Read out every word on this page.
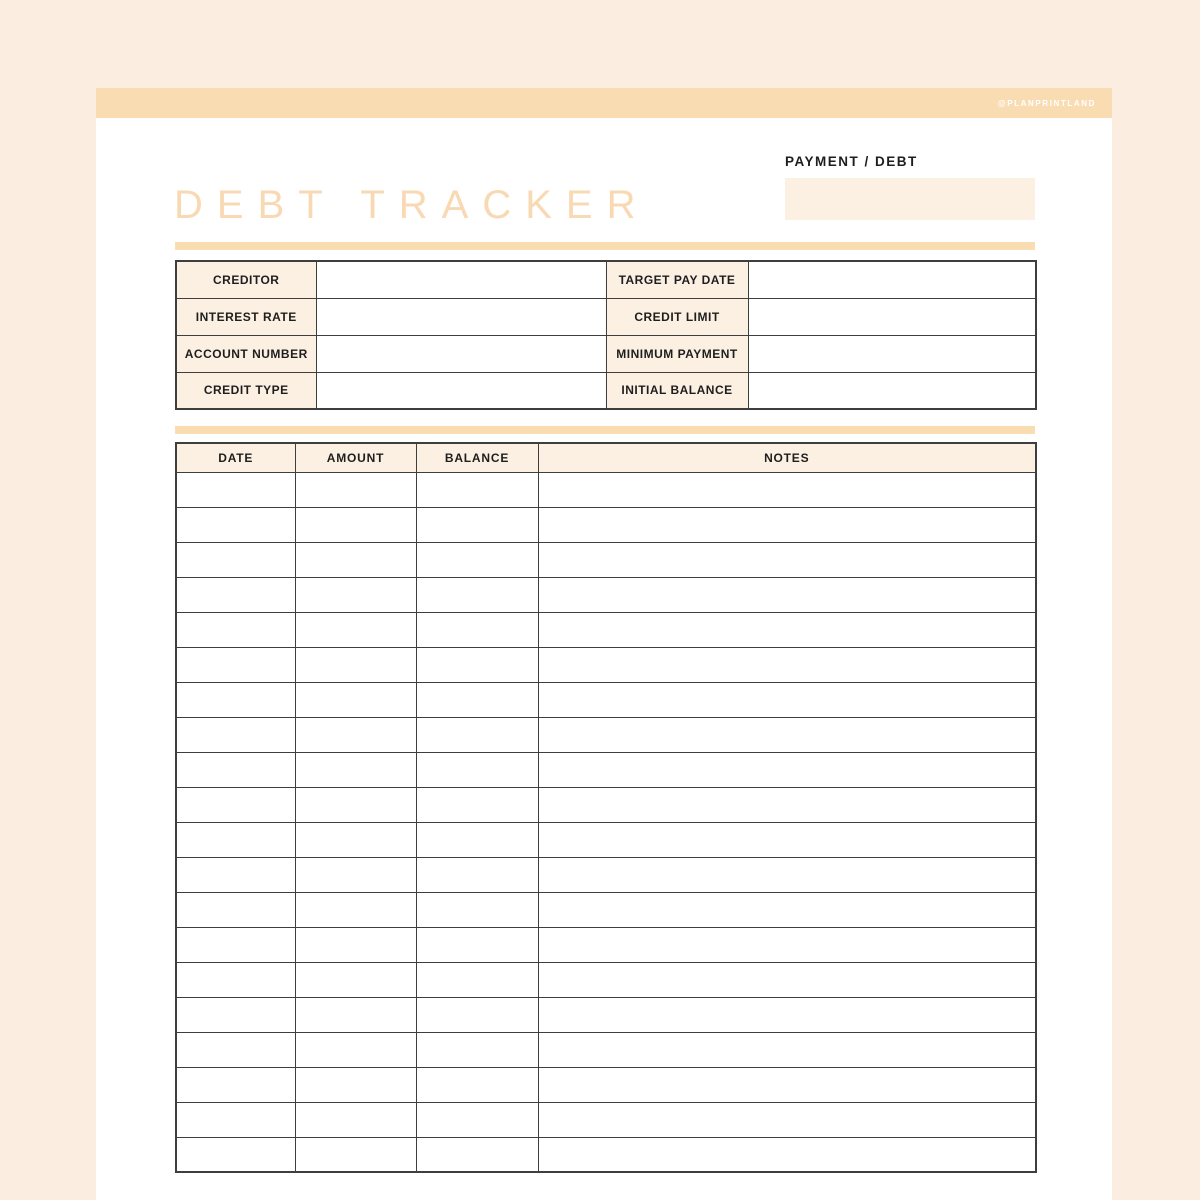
@PLANPRINTLAND
DEBT TRACKER
PAYMENT / DEBT
CREDITOR		TARGET PAY DATE	
INTEREST RATE		CREDIT LIMIT	
ACCOUNT NUMBER		MINIMUM PAYMENT	
CREDIT TYPE		INITIAL BALANCE	
DATE	AMOUNT	BALANCE	NOTES
